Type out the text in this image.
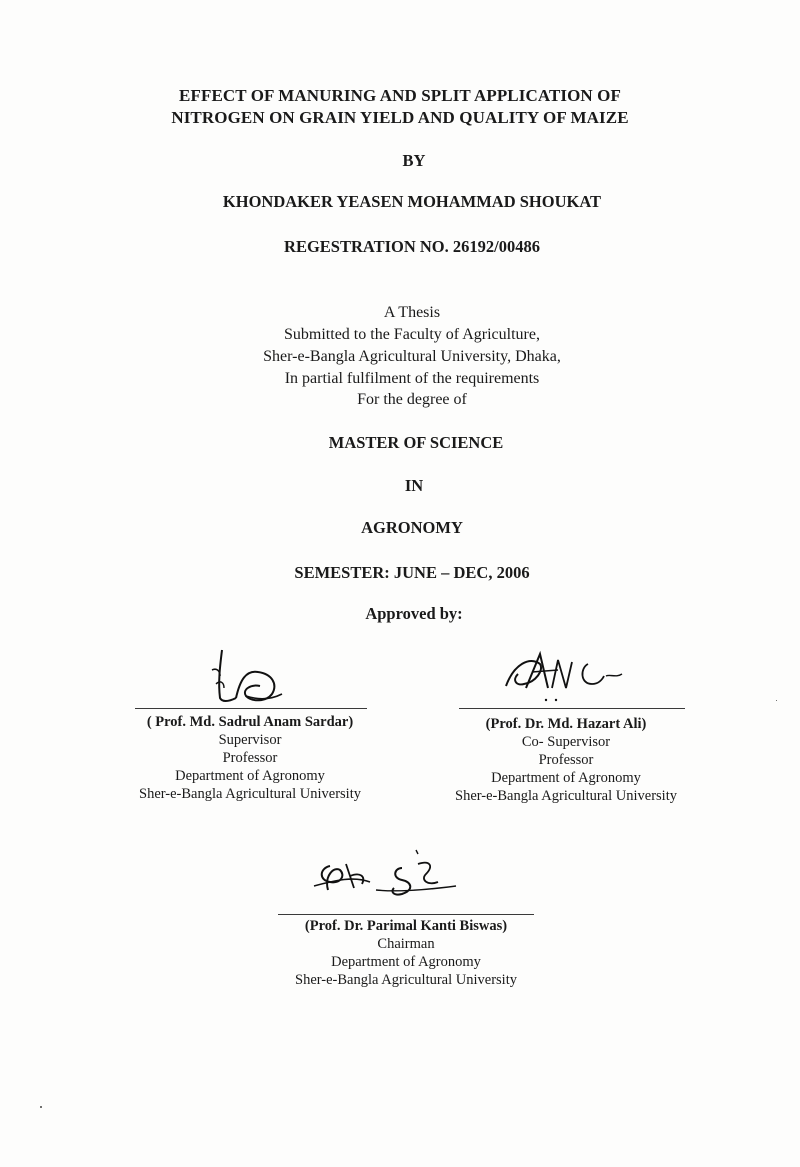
EFFECT OF MANURING AND SPLIT APPLICATION OF
NITROGEN ON GRAIN YIELD AND QUALITY OF MAIZE
BY
KHONDAKER YEASEN MOHAMMAD SHOUKAT
REGESTRATION NO. 26192/00486
A Thesis
Submitted to the Faculty of Agriculture,
Sher-e-Bangla Agricultural University, Dhaka,
In partial fulfilment of the requirements
For the degree of
MASTER OF SCIENCE
IN
AGRONOMY
SEMESTER: JUNE – DEC, 2006
Approved by:
( Prof. Md. Sadrul Anam Sardar)
Supervisor
Professor
Department of Agronomy
Sher-e-Bangla Agricultural University
(Prof. Dr. Md. Hazart Ali)
Co- Supervisor
Professor
Department of Agronomy
Sher-e-Bangla Agricultural University
(Prof. Dr. Parimal Kanti Biswas)
Chairman
Department of Agronomy
Sher-e-Bangla Agricultural University
